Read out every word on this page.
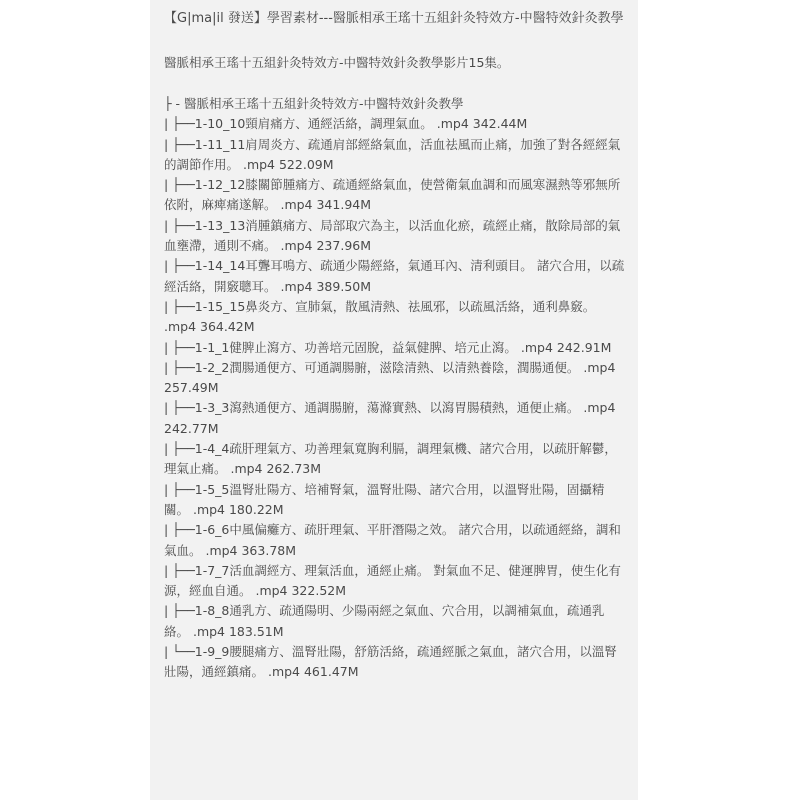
【G|ma|il 發送】學習素材---醫脈相承王瑤十五組針灸特效方-中醫特效針灸教學
醫脈相承王瑤十五組針灸特效方-中醫特效針灸教學影片15集。
├ - 醫脈相承王瑤十五組針灸特效方-中醫特效針灸教學
| ├──1-10_10頸肩痛方、通經活絡，調理氣血。 .mp4 342.44M
| ├──1-11_11肩周炎方、疏通肩部經絡氣血，活血祛風而止痛，加強了對各經經氣的調節作用。 .mp4 522.09M
| ├──1-12_12膝關節腫痛方、疏通經絡氣血，使營衛氣血調和而風寒濕熱等邪無所依附，麻痺痛遂解。 .mp4 341.94M
| ├──1-13_13消腫鎮痛方、局部取穴為主，以活血化瘀，疏經止痛，散除局部的氣血壅滯，通則不痛。 .mp4 237.96M
| ├──1-14_14耳聾耳鳴方、疏通少陽經絡，氣通耳內、清利頭目。 諸穴合用，以疏經活絡，開竅聰耳。 .mp4 389.50M
| ├──1-15_15鼻炎方、宣肺氣，散風清熱、祛風邪，以疏風活絡，通利鼻竅。 .mp4 364.42M
| ├──1-1_1健脾止瀉方、功善培元固脫，益氣健脾、培元止瀉。 .mp4 242.91M
| ├──1-2_2潤腸通便方、可通調腸腑，滋陰清熱、以清熱養陰，潤腸通便。 .mp4 257.49M
| ├──1-3_3瀉熱通便方、通調腸腑，蕩滌實熱、以瀉胃腸積熱，通便止痛。 .mp4 242.77M
| ├──1-4_4疏肝理氣方、功善理氣寬胸利膈，調理氣機、諸穴合用，以疏肝解鬱，理氣止痛。 .mp4 262.73M
| ├──1-5_5溫腎壯陽方、培補腎氣，溫腎壯陽、諸穴合用，以溫腎壯陽，固攝精關。 .mp4 180.22M
| ├──1-6_6中風偏癱方、疏肝理氣、平肝潛陽之效。 諸穴合用，以疏通經絡，調和氣血。 .mp4 363.78M
| ├──1-7_7活血調經方、理氣活血，通經止痛。 對氣血不足、健運脾胃，使生化有源，經血自通。 .mp4 322.52M
| ├──1-8_8通乳方、疏通陽明、少陽兩經之氣血、穴合用，以調補氣血，疏通乳絡。 .mp4 183.51M
| └──1-9_9腰腿痛方、溫腎壯陽，舒筋活絡，疏通經脈之氣血，諸穴合用，以溫腎壯陽，通經鎮痛。 .mp4 461.47M
